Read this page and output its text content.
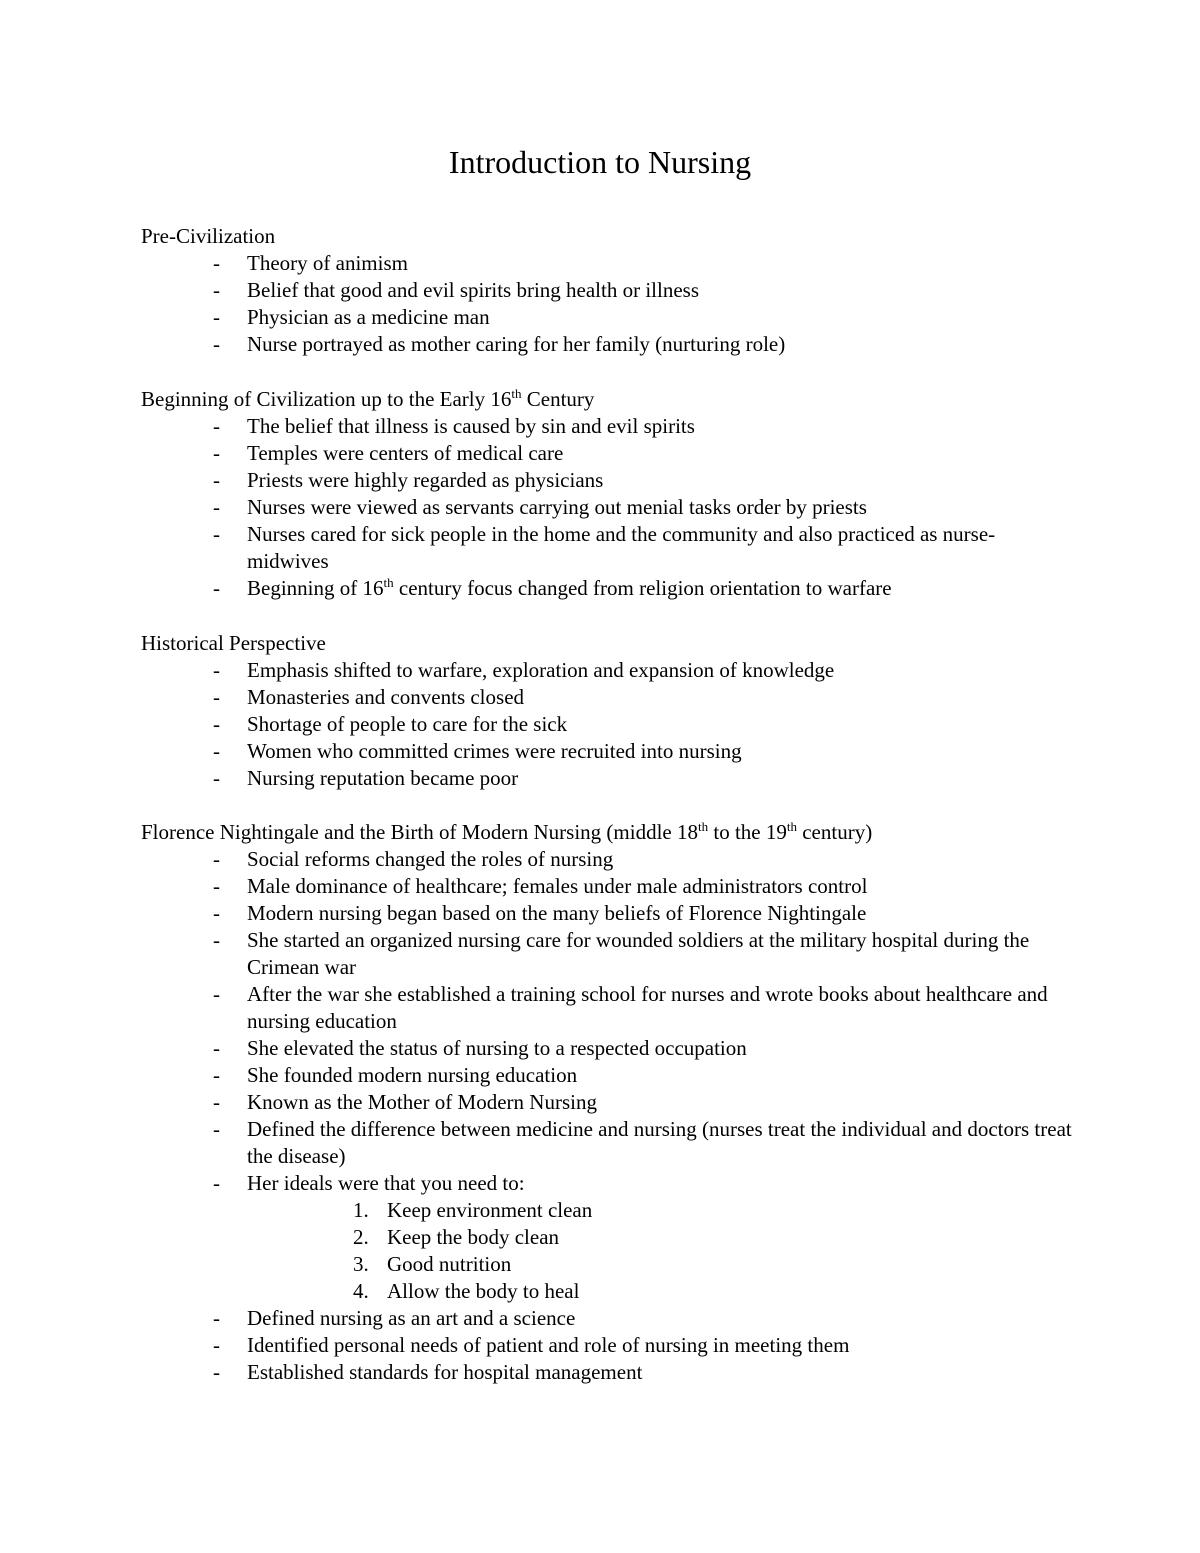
Introduction to Nursing

Pre-Civilization

- Theory of animism
- Belief that good and evil spirits bring health or illness
- Physician as a medicine man
- Nurse portrayed as mother caring for her family (nurturing role)

Beginning of Civilization up to the Early 16th Century

- The belief that illness is caused by sin and evil spirits
- Temples were centers of medical care
- Priests were highly regarded as physicians
- Nurses were viewed as servants carrying out menial tasks order by priests
- Nurses cared for sick people in the home and the community and also practiced as nurse-midwives
- Beginning of 16th century focus changed from religion orientation to warfare

Historical Perspective

- Emphasis shifted to warfare, exploration and expansion of knowledge
- Monasteries and convents closed
- Shortage of people to care for the sick
- Women who committed crimes were recruited into nursing
- Nursing reputation became poor

Florence Nightingale and the Birth of Modern Nursing (middle 18th to the 19th century)

- Social reforms changed the roles of nursing
- Male dominance of healthcare; females under male administrators control
- Modern nursing began based on the many beliefs of Florence Nightingale
- She started an organized nursing care for wounded soldiers at the military hospital during the Crimean war
- After the war she established a training school for nurses and wrote books about healthcare and nursing education
- She elevated the status of nursing to a respected occupation
- She founded modern nursing education
- Known as the Mother of Modern Nursing
- Defined the difference between medicine and nursing (nurses treat the individual and doctors treat the disease)
- Her ideals were that you need to:
1. Keep environment clean
2. Keep the body clean
3. Good nutrition
4. Allow the body to heal
- Defined nursing as an art and a science
- Identified personal needs of patient and role of nursing in meeting them
- Established standards for hospital management
